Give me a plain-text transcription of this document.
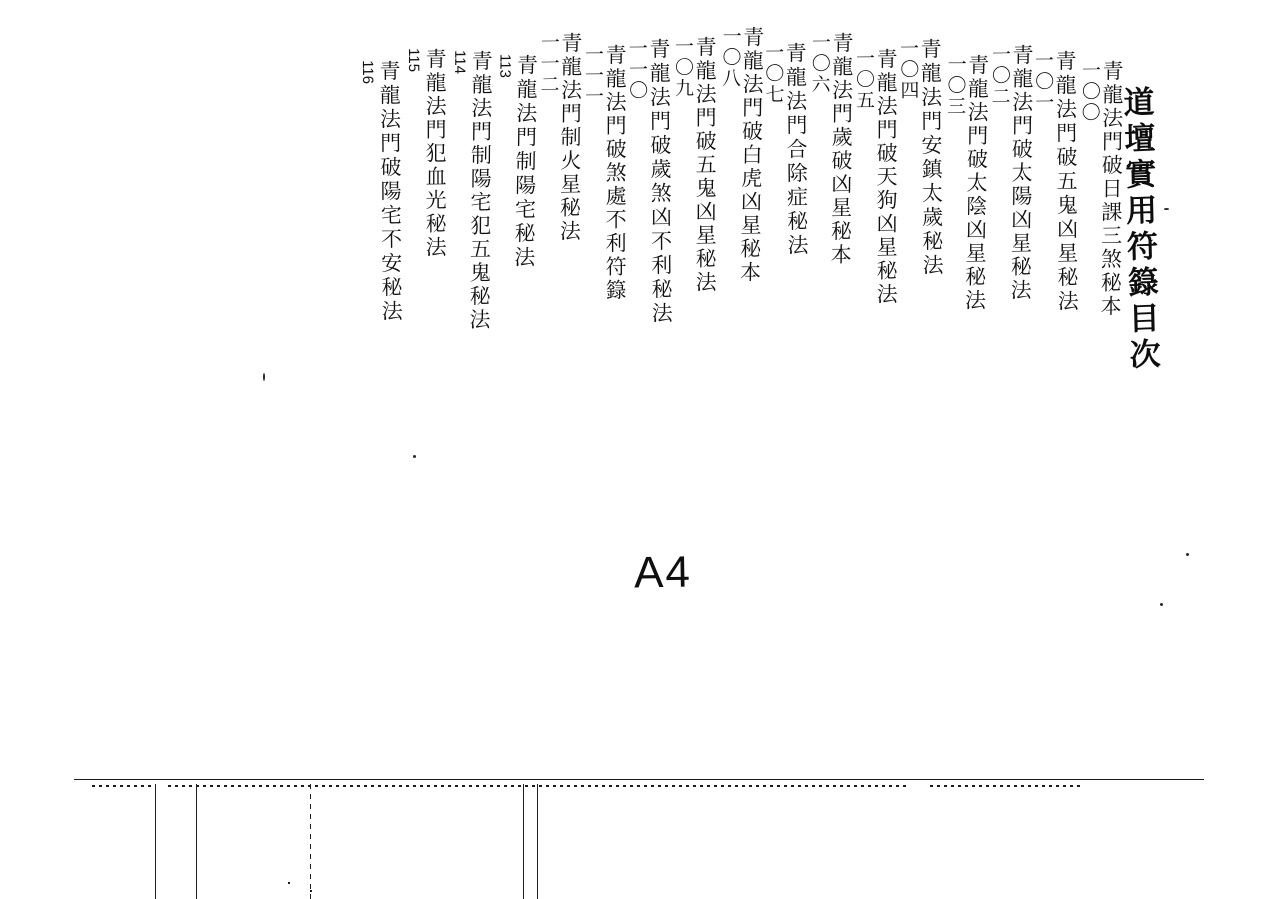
道壇實用符籙目次
青龍法門破日課三煞秘本
一〇〇
青龍法門破五鬼凶星秘法
一〇一
青龍法門破太陽凶星秘法
一〇二
青龍法門破太陰凶星秘法
一〇三
青龍法門安鎮太歲秘法
一〇四
青龍法門破天狗凶星秘法
一〇五
青龍法門歲破凶星秘本
一〇六
青龍法門合除症秘法
一〇七
青龍法門破白虎凶星秘本
一〇八
青龍法門破五鬼凶星秘法
一〇九
青龍法門破歲煞凶不利秘法
一一〇
青龍法門破煞處不利符籙
一一一
青龍法門制火星秘法
一一二
青龍法門制陽宅秘法
113
青龍法門制陽宅犯五鬼秘法
114
青龍法門犯血光秘法
115
青龍法門破陽宅不安秘法
116
A4
